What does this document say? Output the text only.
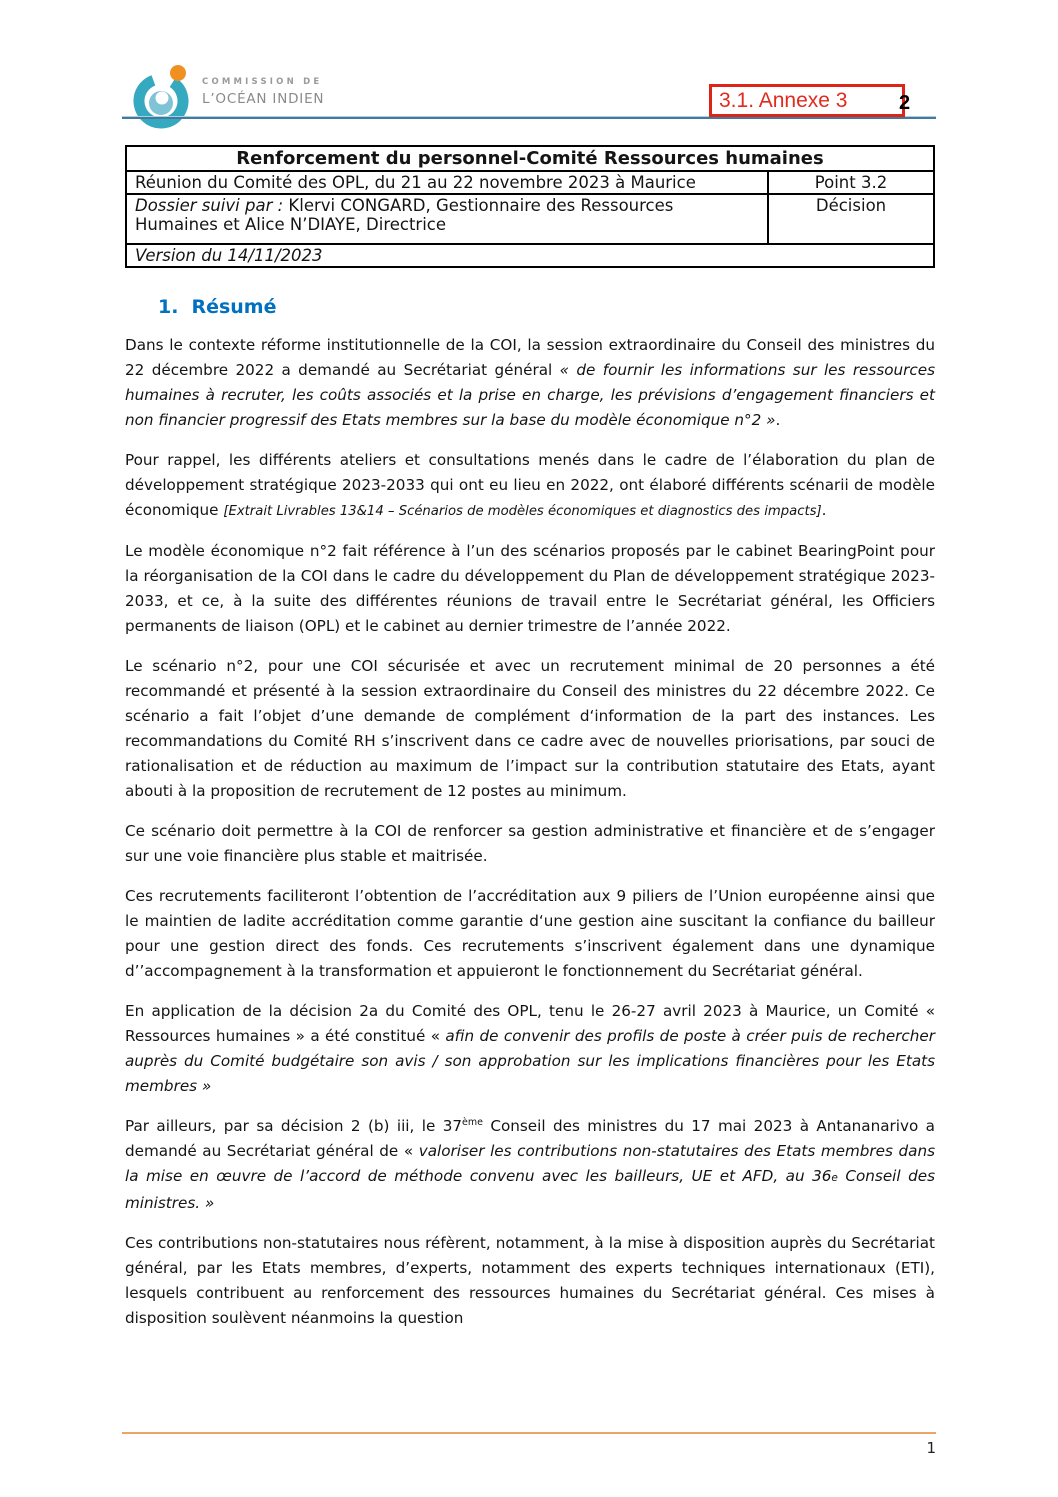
COMMISSION DE
L’OCÉAN INDIEN	3.1. Annexe 3	2
Renforcement du personnel-Comité Ressources humaines	
Réunion du Comité des OPL, du 21 au 22 novembre 2023 à Maurice	Point 3.2
Dossier suivi par : Klervi CONGARD, Gestionnaire des Ressources Humaines et Alice N’DIAYE, Directrice	Décision
Version du 14/11/2023	
1. Résumé

Dans le contexte réforme institutionnelle de la COI, la session extraordinaire du Conseil des ministres du 22 décembre 2022 a demandé au Secrétariat général « de fournir les informations sur les ressources humaines à recruter, les coûts associés et la prise en charge, les prévisions d’engagement financiers et non financier progressif des Etats membres sur la base du modèle économique n°2 ».

Pour rappel, les différents ateliers et consultations menés dans le cadre de l’élaboration du plan de développement stratégique 2023-2033 qui ont eu lieu en 2022, ont élaboré différents scénarii de modèle économique [Extrait Livrables 13&14 – Scénarios de modèles économiques et diagnostics des impacts].

Le modèle économique n°2 fait référence à l’un des scénarios proposés par le cabinet BearingPoint pour la réorganisation de la COI dans le cadre du développement du Plan de développement stratégique 2023-2033, et ce, à la suite des différentes réunions de travail entre le Secrétariat général, les Officiers permanents de liaison (OPL) et le cabinet au dernier trimestre de l’année 2022.

Le scénario n°2, pour une COI sécurisée et avec un recrutement minimal de 20 personnes a été recommandé et présenté à la session extraordinaire du Conseil des ministres du 22 décembre 2022. Ce scénario a fait l’objet d’une demande de complément d‘information de la part des instances. Les recommandations du Comité RH s’inscrivent dans ce cadre avec de nouvelles priorisations, par souci de rationalisation et de réduction au maximum de l’impact sur la contribution statutaire des Etats, ayant abouti à la proposition de recrutement de 12 postes au minimum.

Ce scénario doit permettre à la COI de renforcer sa gestion administrative et financière et de s’engager sur une voie financière plus stable et maitrisée.

Ces recrutements faciliteront l’obtention de l’accréditation aux 9 piliers de l’Union européenne ainsi que le maintien de ladite accréditation comme garantie d‘une gestion aine suscitant la confiance du bailleur pour une gestion direct des fonds. Ces recrutements s’inscrivent également dans une dynamique d’’accompagnement à la transformation et appuieront le fonctionnement du Secrétariat général.

En application de la décision 2a du Comité des OPL, tenu le 26-27 avril 2023 à Maurice, un Comité « Ressources humaines » a été constitué « afin de convenir des profils de poste à créer puis de rechercher auprès du Comité budgétaire son avis / son approbation sur les implications financières pour les Etats membres »

Par ailleurs, par sa décision 2 (b) iii, le 37ème Conseil des ministres du 17 mai 2023 à Antananarivo a demandé au Secrétariat général de « valoriser les contributions non-statutaires des Etats membres dans la mise en œuvre de l’accord de méthode convenu avec les bailleurs, UE et AFD, au 36e Conseil des ministres. »

Ces contributions non-statutaires nous réfèrent, notamment, à la mise à disposition auprès du Secrétariat général, par les Etats membres, d’experts, notamment des experts techniques internationaux (ETI), lesquels contribuent au renforcement des ressources humaines du Secrétariat général. Ces mises à disposition soulèvent néanmoins la question

1
